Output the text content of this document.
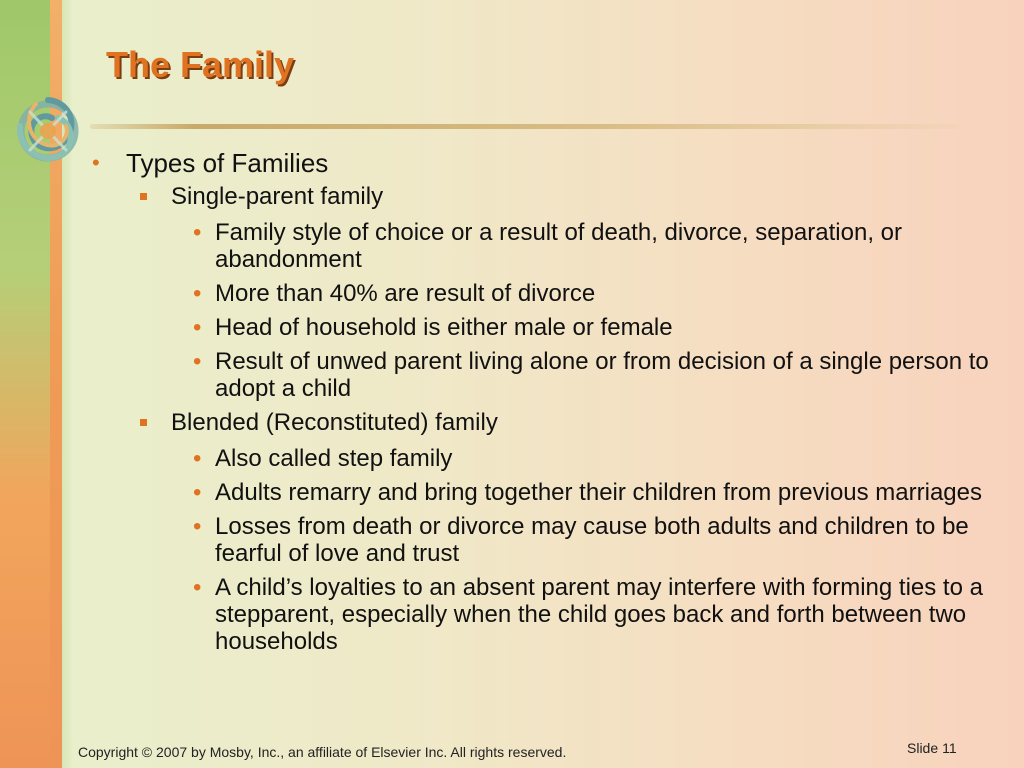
The Family
• Types of Families
Single-parent family
• Family style of choice or a result of death, divorce, separation, or abandonment
• More than 40% are result of divorce
• Head of household is either male or female
• Result of unwed parent living alone or from decision of a single person to adopt a child
Blended (Reconstituted) family
• Also called step family
• Adults remarry and bring together their children from previous marriages
• Losses from death or divorce may cause both adults and children to be fearful of love and trust
• A child’s loyalties to an absent parent may interfere with forming ties to a stepparent, especially when the child goes back and forth between two households
Copyright © 2007 by Mosby, Inc., an affiliate of Elsevier Inc. All rights reserved.	Slide 11
